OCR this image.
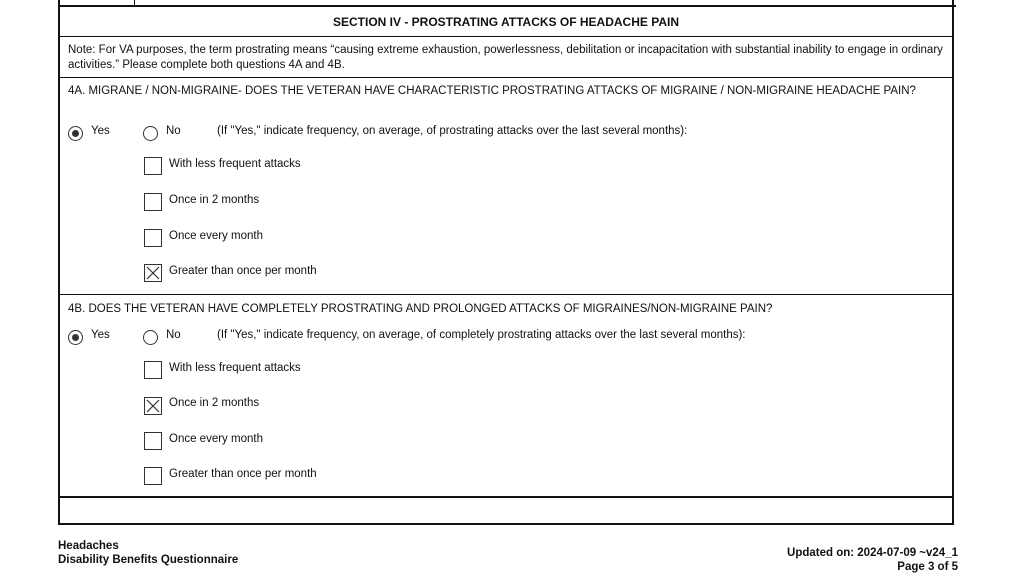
SECTION IV - PROSTRATING ATTACKS OF HEADACHE PAIN
Note: For VA purposes, the term prostrating means “causing extreme exhaustion, powerlessness, debilitation or incapacitation with substantial inability to engage in ordinary activities.” Please complete both questions 4A and 4B.
4A. MIGRANE / NON-MIGRAINE- DOES THE VETERAN HAVE CHARACTERISTIC PROSTRATING ATTACKS OF MIGRAINE / NON-MIGRAINE HEADACHE PAIN?
Yes	No	(If "Yes," indicate frequency, on average, of prostrating attacks over the last several months):
With less frequent attacks
Once in 2 months
Once every month
Greater than once per month
4B. DOES THE VETERAN HAVE COMPLETELY PROSTRATING AND PROLONGED ATTACKS OF MIGRAINES/NON-MIGRAINE PAIN?
Yes	No	(If "Yes," indicate frequency, on average, of completely prostrating attacks over the last several months):
With less frequent attacks
Once in 2 months
Once every month
Greater than once per month
Headaches
Disability Benefits Questionnaire
Updated on: 2024-07-09 ~v24_1
Page 3 of 5
